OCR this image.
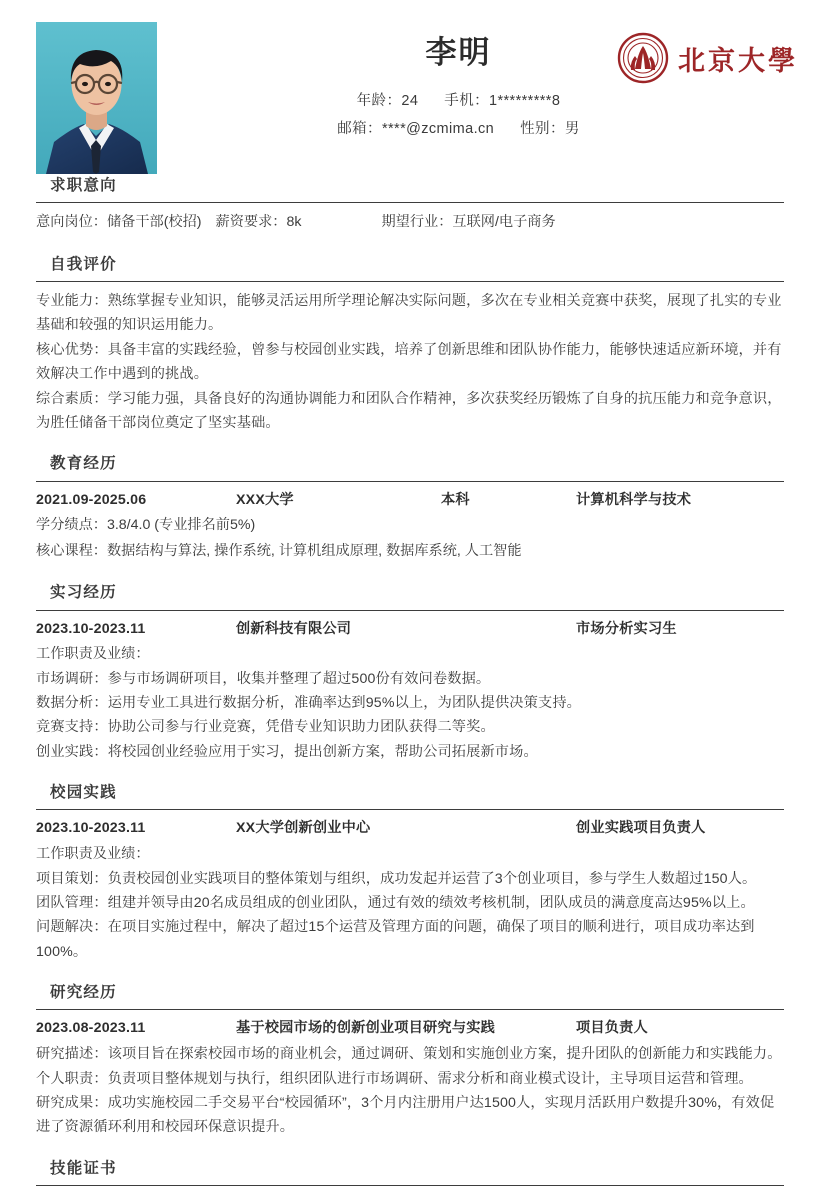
李明
年龄：24 手机：1*********8
邮箱：****@zcmima.cn 性别：男
北京大學
求职意向
意向岗位：储备干部(校招) 薪资要求：8k	期望行业：互联网/电子商务
自我评价

专业能力：熟练掌握专业知识，能够灵活运用所学理论解决实际问题，多次在专业相关竞赛中获奖，展现了扎实的专业基础和较强的知识运用能力。

核心优势：具备丰富的实践经验，曾参与校园创业实践，培养了创新思维和团队协作能力，能够快速适应新环境，并有效解决工作中遇到的挑战。

综合素质：学习能力强，具备良好的沟通协调能力和团队合作精神，多次获奖经历锻炼了自身的抗压能力和竞争意识，为胜任储备干部岗位奠定了坚实基础。

教育经历
2021.09-2025.06	XXX大学	本科	计算机科学与技术
学分绩点：3.8/4.0 (专业排名前5%)
核心课程：数据结构与算法, 操作系统, 计算机组成原理, 数据库系统, 人工智能
实习经历
2023.10-2023.11	创新科技有限公司	市场分析实习生
工作职责及业绩：

市场调研：参与市场调研项目，收集并整理了超过500份有效问卷数据。

数据分析：运用专业工具进行数据分析，准确率达到95%以上，为团队提供决策支持。

竞赛支持：协助公司参与行业竞赛，凭借专业知识助力团队获得二等奖。

创业实践：将校园创业经验应用于实习，提出创新方案，帮助公司拓展新市场。

校园实践
2023.10-2023.11	XX大学创新创业中心	创业实践项目负责人
工作职责及业绩：

项目策划：负责校园创业实践项目的整体策划与组织，成功发起并运营了3个创业项目，参与学生人数超过150人。

团队管理：组建并领导由20名成员组成的创业团队，通过有效的绩效考核机制，团队成员的满意度高达95%以上。

问题解决：在项目实施过程中，解决了超过15个运营及管理方面的问题，确保了项目的顺利进行，项目成功率达到100%。

研究经历
2023.08-2023.11	基于校园市场的创新创业项目研究与实践	项目负责人

研究描述：该项目旨在探索校园市场的商业机会，通过调研、策划和实施创业方案，提升团队的创新能力和实践能力。

个人职责：负责项目整体规划与执行，组织团队进行市场调研、需求分析和商业模式设计，主导项目运营和管理。

研究成果：成功实施校园二手交易平台“校园循环”，3个月内注册用户达1500人，实现月活跃用户数提升30%，有效促进了资源循环利用和校园环保意识提升。

技能证书
